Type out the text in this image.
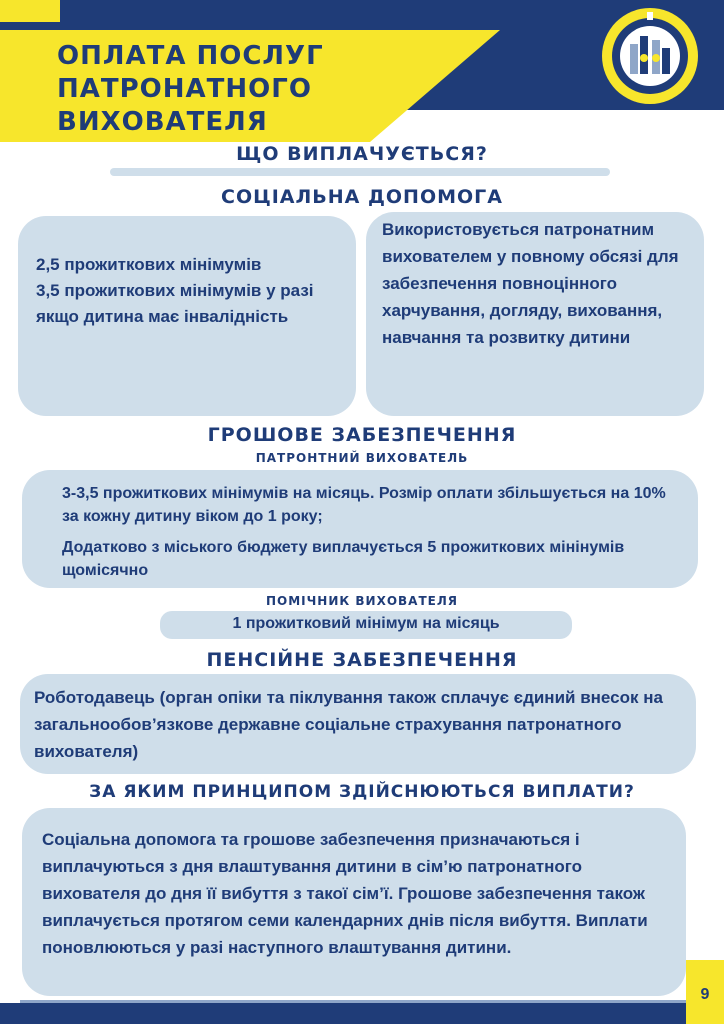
ОПЛАТА ПОСЛУГ
ПАТРОНАТНОГО
ВИХОВАТЕЛЯ
ЩО ВИПЛАЧУЄТЬСЯ?
СОЦІАЛЬНА ДОПОМОГА

2,5 прожиткових мінімумів

3,5 прожиткових мінімумів у разі якщо дитина має інвалідність

Використовується патронатним вихователем у повному обсязі для забезпечення повноцінного харчування, догляду, виховання, навчання та розвитку дитини

ГРОШОВЕ ЗАБЕЗПЕЧЕННЯ
ПАТРОНТНИЙ ВИХОВАТЕЛЬ

3-3,5 прожиткових мінімумів на місяць. Розмір оплати збільшується на 10% за кожну дитину віком до 1 року;

Додатково з міського бюджету виплачується 5 прожиткових мінінумів щомісячно

ПОМІЧНИК ВИХОВАТЕЛЯ
1 прожитковий мінімум на місяць
ПЕНСІЙНЕ ЗАБЕЗПЕЧЕННЯ

Роботодавець (орган опіки та піклування також сплачує єдиний внесок на загальнообов’язкове державне соціальне страхування патронатного вихователя)

ЗА ЯКИМ ПРИНЦИПОМ ЗДІЙСНЮЮТЬСЯ ВИПЛАТИ?

Соціальна допомога та грошове забезпечення призначаються і виплачуються з дня влаштування дитини в сім’ю патронатного вихователя до дня її вибуття з такої сім’ї. Грошове забезпечення також виплачується протягом семи календарних днів після вибуття. Виплати поновлюються у разі наступного влаштування дитини.

9
